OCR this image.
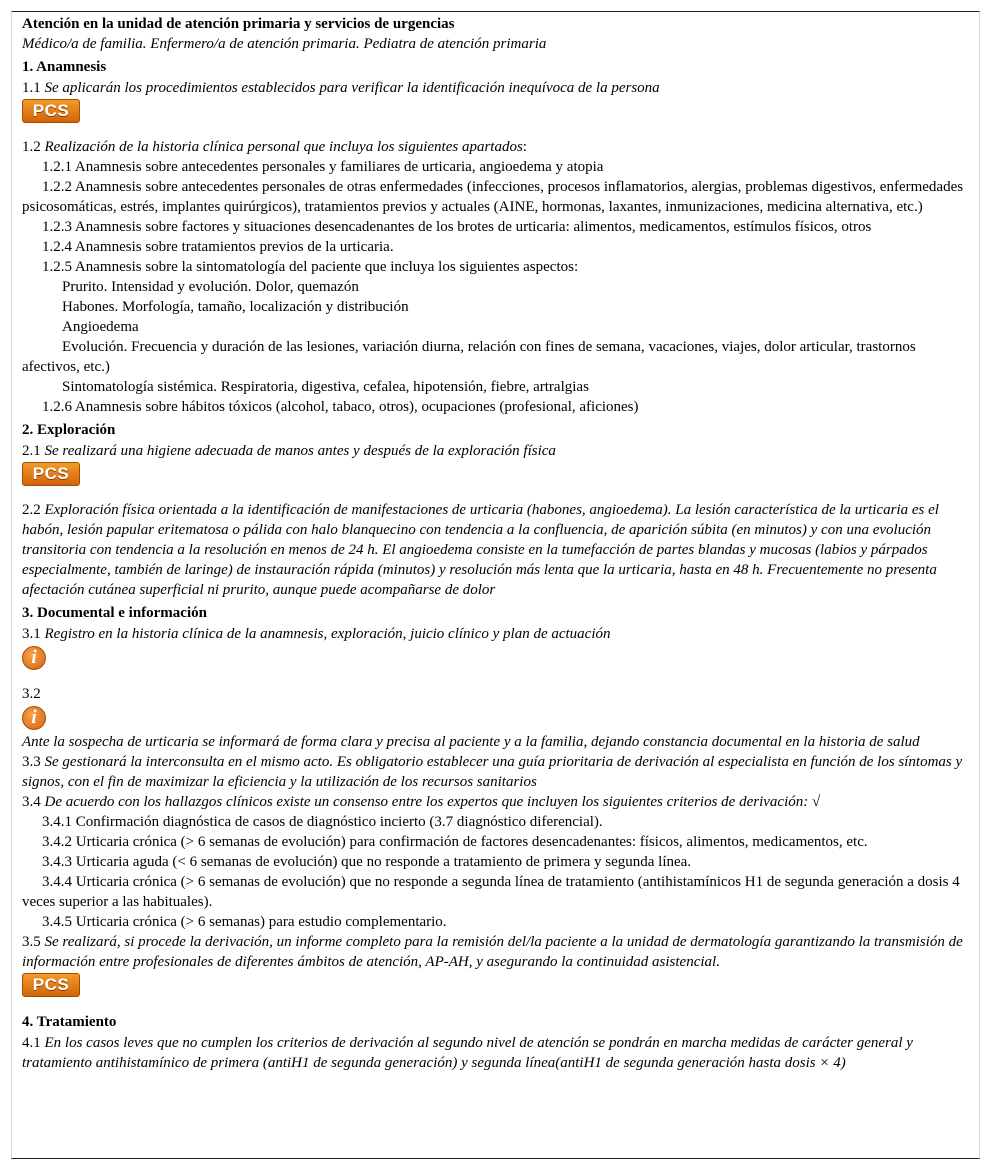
Atención en la unidad de atención primaria y servicios de urgencias

Médico/a de familia. Enfermero/a de atención primaria. Pediatra de atención primaria

1. Anamnesis

1.1 Se aplicarán los procedimientos establecidos para verificar la identificación inequívoca de la persona

PCS

1.2 Realización de la historia clínica personal que incluya los siguientes apartados:

1.2.1 Anamnesis sobre antecedentes personales y familiares de urticaria, angioedema y atopia

1.2.2 Anamnesis sobre antecedentes personales de otras enfermedades (infecciones, procesos inflamatorios, alergias, problemas digestivos, enfermedades psicosomáticas, estrés, implantes quirúrgicos), tratamientos previos y actuales (AINE, hormonas, laxantes, inmunizaciones, medicina alternativa, etc.)

1.2.3 Anamnesis sobre factores y situaciones desencadenantes de los brotes de urticaria: alimentos, medicamentos, estímulos físicos, otros

1.2.4 Anamnesis sobre tratamientos previos de la urticaria.

1.2.5 Anamnesis sobre la sintomatología del paciente que incluya los siguientes aspectos:

Prurito. Intensidad y evolución. Dolor, quemazón

Habones. Morfología, tamaño, localización y distribución

Angioedema

Evolución. Frecuencia y duración de las lesiones, variación diurna, relación con fines de semana, vacaciones, viajes, dolor articular, trastornos afectivos, etc.)

Sintomatología sistémica. Respiratoria, digestiva, cefalea, hipotensión, fiebre, artralgias

1.2.6 Anamnesis sobre hábitos tóxicos (alcohol, tabaco, otros), ocupaciones (profesional, aficiones)

2. Exploración

2.1 Se realizará una higiene adecuada de manos antes y después de la exploración física

PCS

2.2 Exploración física orientada a la identificación de manifestaciones de urticaria (habones, angioedema). La lesión característica de la urticaria es el habón, lesión papular eritematosa o pálida con halo blanquecino con tendencia a la confluencia, de aparición súbita (en minutos) y con una evolución transitoria con tendencia a la resolución en menos de 24 h. El angioedema consiste en la tumefacción de partes blandas y mucosas (labios y párpados especialmente, también de laringe) de instauración rápida (minutos) y resolución más lenta que la urticaria, hasta en 48 h. Frecuentemente no presenta afectación cutánea superficial ni prurito, aunque puede acompañarse de dolor

3. Documental e información

3.1 Registro en la historia clínica de la anamnesis, exploración, juicio clínico y plan de actuación

i

3.2

i

Ante la sospecha de urticaria se informará de forma clara y precisa al paciente y a la familia, dejando constancia documental en la historia de salud

3.3 Se gestionará la interconsulta en el mismo acto. Es obligatorio establecer una guía prioritaria de derivación al especialista en función de los síntomas y signos, con el fin de maximizar la eficiencia y la utilización de los recursos sanitarios

3.4 De acuerdo con los hallazgos clínicos existe un consenso entre los expertos que incluyen los siguientes criterios de derivación: √

3.4.1 Confirmación diagnóstica de casos de diagnóstico incierto (3.7 diagnóstico diferencial).

3.4.2 Urticaria crónica (> 6 semanas de evolución) para confirmación de factores desencadenantes: físicos, alimentos, medicamentos, etc.

3.4.3 Urticaria aguda (< 6 semanas de evolución) que no responde a tratamiento de primera y segunda línea.

3.4.4 Urticaria crónica (> 6 semanas de evolución) que no responde a segunda línea de tratamiento (antihistamínicos H1 de segunda generación a dosis 4 veces superior a las habituales).

3.4.5 Urticaria crónica (> 6 semanas) para estudio complementario.

3.5 Se realizará, si procede la derivación, un informe completo para la remisión del/la paciente a la unidad de dermatología garantizando la transmisión de información entre profesionales de diferentes ámbitos de atención, AP-AH, y asegurando la continuidad asistencial.

PCS

4. Tratamiento

4.1 En los casos leves que no cumplen los criterios de derivación al segundo nivel de atención se pondrán en marcha medidas de carácter general y tratamiento antihistamínico de primera (antiH1 de segunda generación) y segunda línea(antiH1 de segunda generación hasta dosis × 4)
